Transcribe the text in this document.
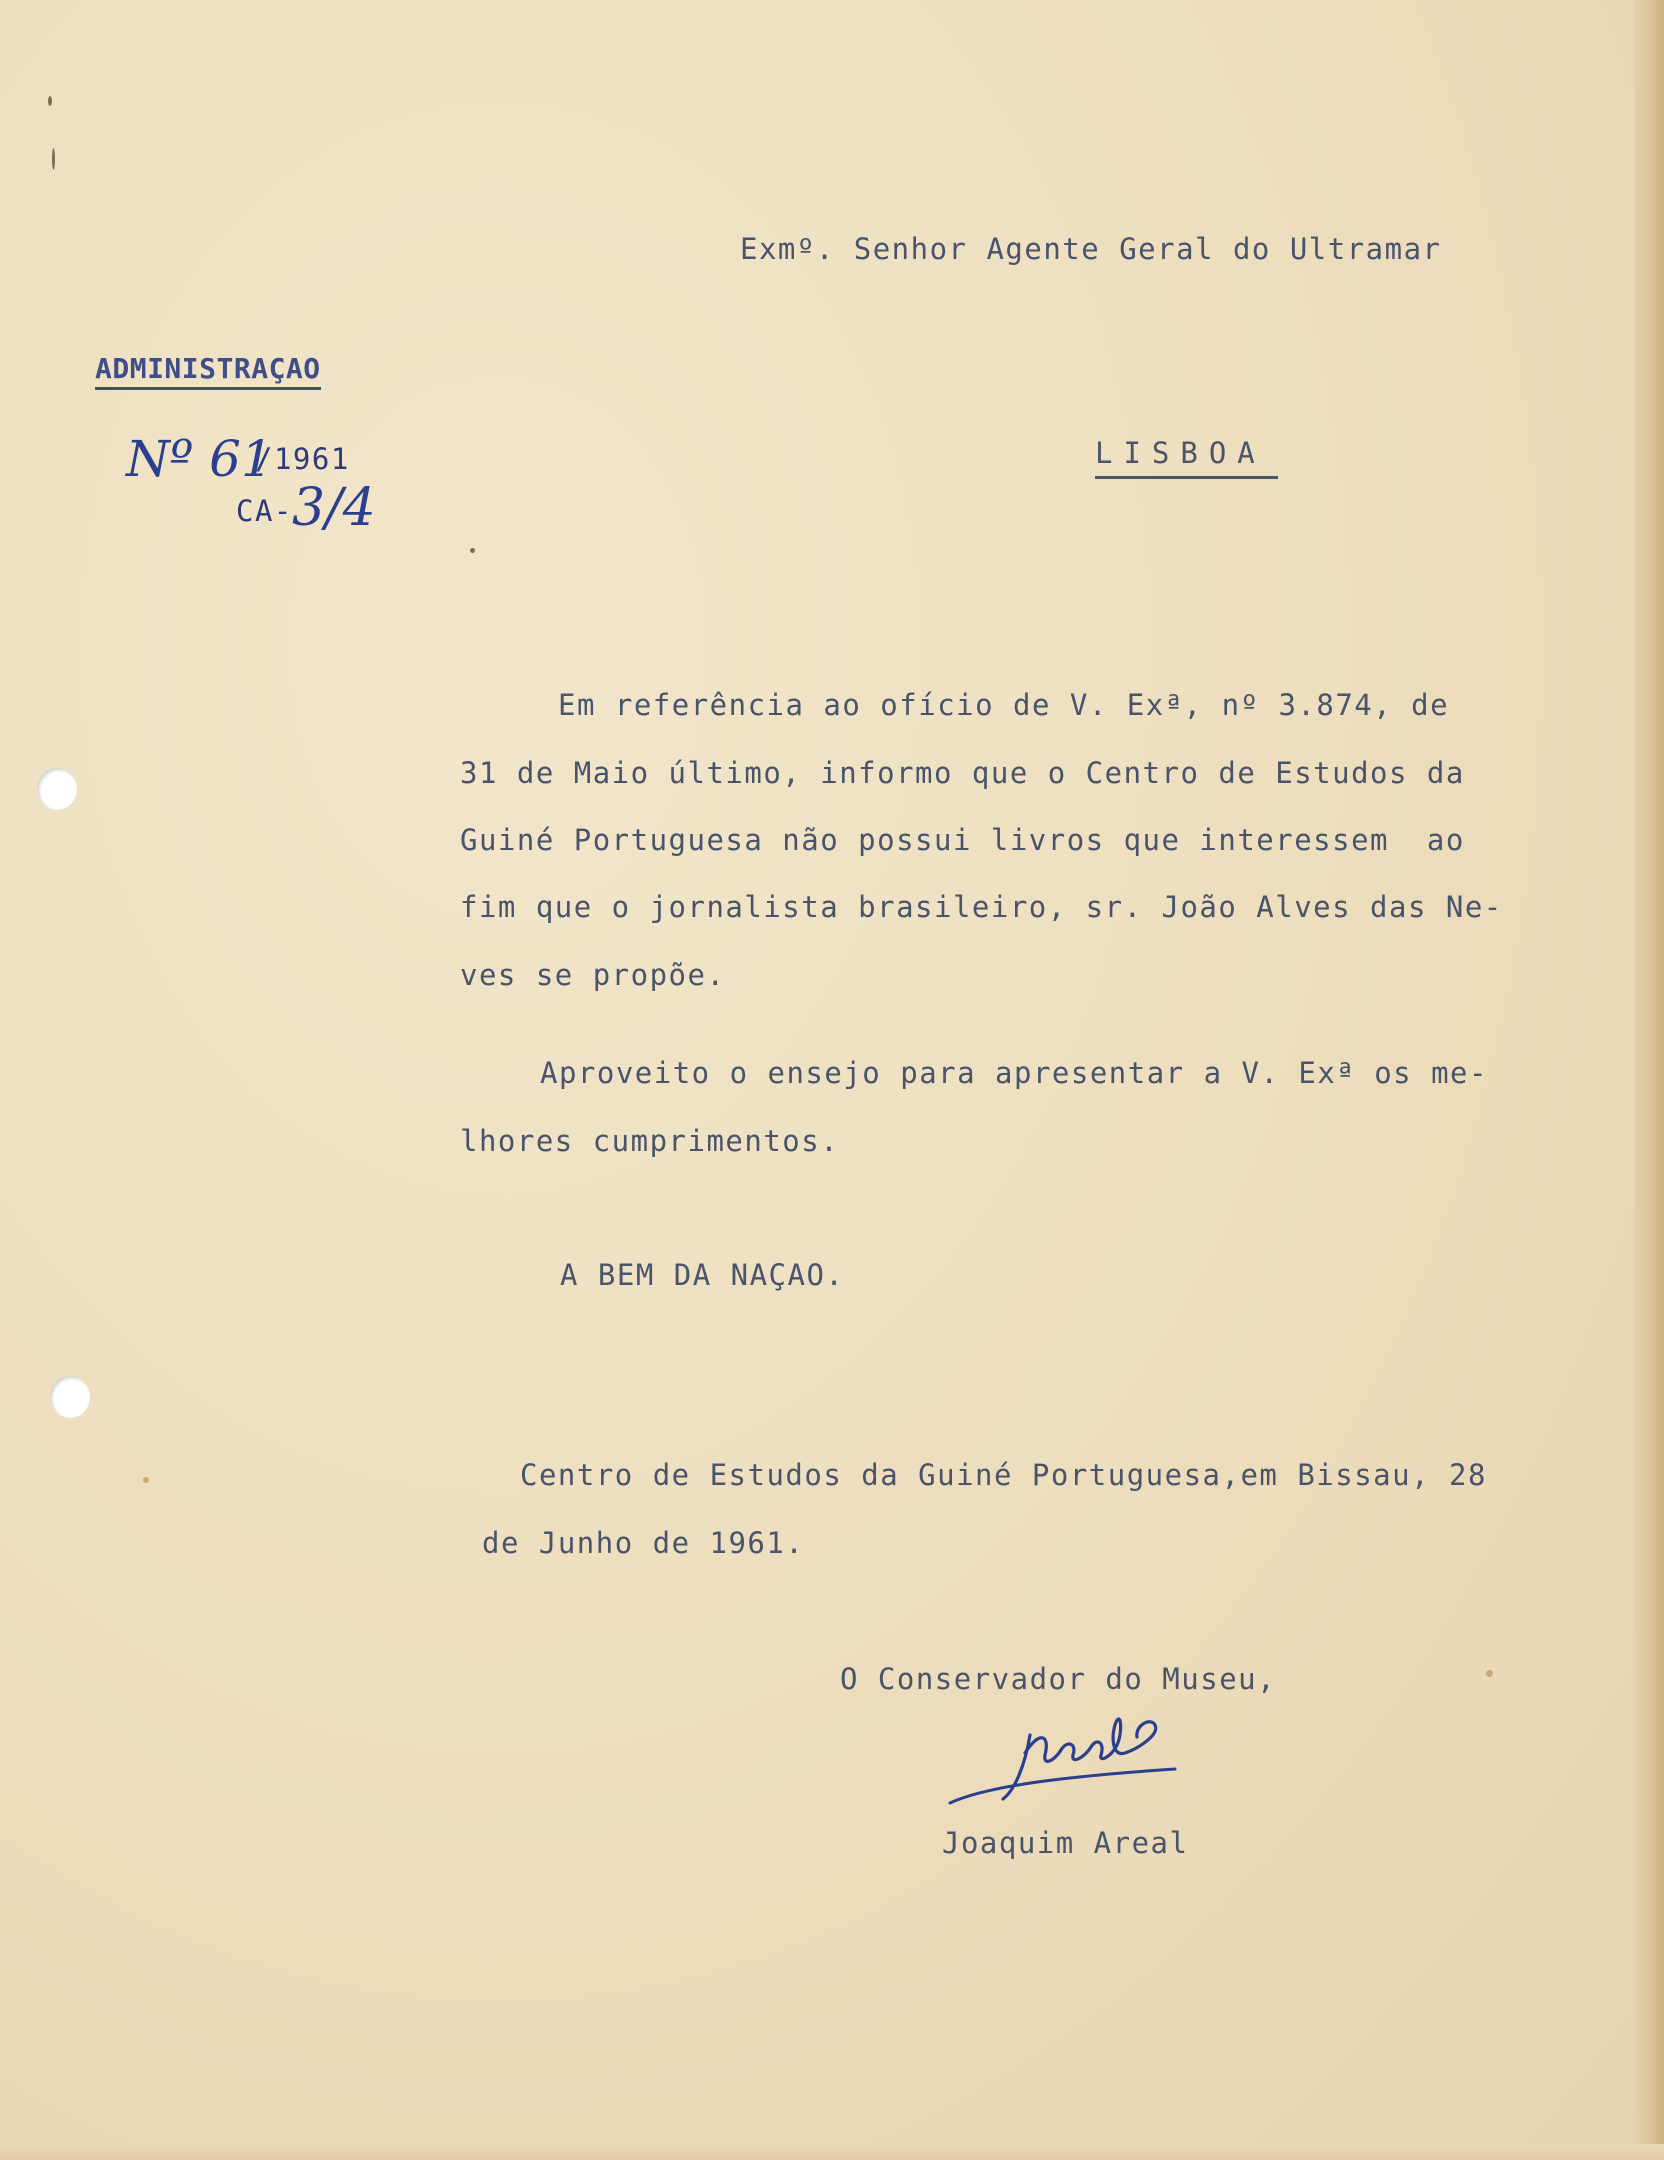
Exmº. Senhor Agente Geral do Ultramar
ADMINISTRAÇAO
Nº 61
/1961
CA- 3/4
LISBOA
Em referência ao ofício de V. Exª, nº 3.874, de
31 de Maio último, informo que o Centro de Estudos da
Guiné Portuguesa não possui livros que interessem  ao
fim que o jornalista brasileiro, sr. João Alves das Ne-
ves se propõe.
Aproveito o ensejo para apresentar a V. Exª os me-
lhores cumprimentos.
A BEM DA NAÇAO.
Centro de Estudos da Guiné Portuguesa,em Bissau, 28
de Junho de 1961.
O Conservador do Museu,
Joaquim Areal
